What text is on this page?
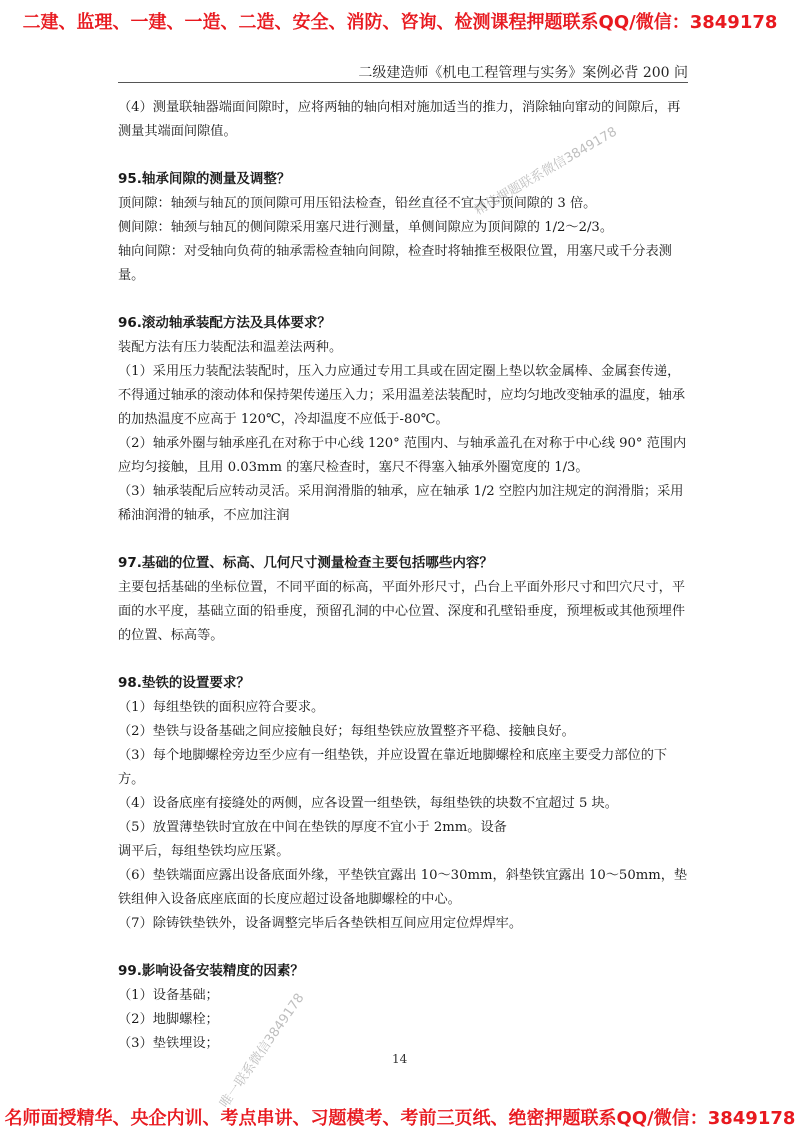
二建、监理、一建、一造、二造、安全、消防、咨询、检测课程押题联系QQ/微信：3849178
二级建造师《机电工程管理与实务》案例必背 200 问

（4）测量联轴器端面间隙时，应将两轴的轴向相对施加适当的推力，消除轴向窜动的间隙后，再测量其端面间隙值。

95.轴承间隙的测量及调整？

顶间隙：轴颈与轴瓦的顶间隙可用压铅法检查，铅丝直径不宜大于顶间隙的 3 倍。

侧间隙：轴颈与轴瓦的侧间隙采用塞尺进行测量，单侧间隙应为顶间隙的 1/2～2/3。

轴向间隙：对受轴向负荷的轴承需检查轴向间隙，检查时将轴推至极限位置，用塞尺或千分表测量。

96.滚动轴承装配方法及具体要求？

装配方法有压力装配法和温差法两种。

（1）采用压力装配法装配时，压入力应通过专用工具或在固定圈上垫以软金属棒、金属套传递，不得通过轴承的滚动体和保持架传递压入力；采用温差法装配时，应均匀地改变轴承的温度，轴承的加热温度不应高于 120℃，冷却温度不应低于-80℃。

（2）轴承外圈与轴承座孔在对称于中心线 120° 范围内、与轴承盖孔在对称于中心线 90° 范围内应均匀接触，且用 0.03mm 的塞尺检查时，塞尺不得塞入轴承外圈宽度的 1/3。

（3）轴承装配后应转动灵活。采用润滑脂的轴承，应在轴承 1/2 空腔内加注规定的润滑脂；采用稀油润滑的轴承，不应加注润

97.基础的位置、标高、几何尺寸测量检查主要包括哪些内容？

主要包括基础的坐标位置，不同平面的标高，平面外形尺寸，凸台上平面外形尺寸和凹穴尺寸，平面的水平度，基础立面的铅垂度，预留孔洞的中心位置、深度和孔壁铅垂度，预埋板或其他预埋件的位置、标高等。

98.垫铁的设置要求？

（1）每组垫铁的面积应符合要求。

（2）垫铁与设备基础之间应接触良好；每组垫铁应放置整齐平稳、接触良好。

（3）每个地脚螺栓旁边至少应有一组垫铁，并应设置在靠近地脚螺栓和底座主要受力部位的下方。

（4）设备底座有接缝处的两侧，应各设置一组垫铁，每组垫铁的块数不宜超过 5 块。

（5）放置薄垫铁时宜放在中间在垫铁的厚度不宜小于 2mm。设备

调平后，每组垫铁均应压紧。

（6）垫铁端面应露出设备底面外缘，平垫铁宜露出 10～30mm，斜垫铁宜露出 10～50mm，垫铁组伸入设备底座底面的长度应超过设备地脚螺栓的中心。

（7）除铸铁垫铁外，设备调整完毕后各垫铁相互间应用定位焊焊牢。

99.影响设备安装精度的因素？

（1）设备基础；

（2）地脚螺栓；

（3）垫铁埋设；

14
名师面授精华、央企内训、考点串讲、习题模考、考前三页纸、绝密押题联系QQ/微信：3849178
精佳押题联系微信3849178
唯一联系微信3849178
